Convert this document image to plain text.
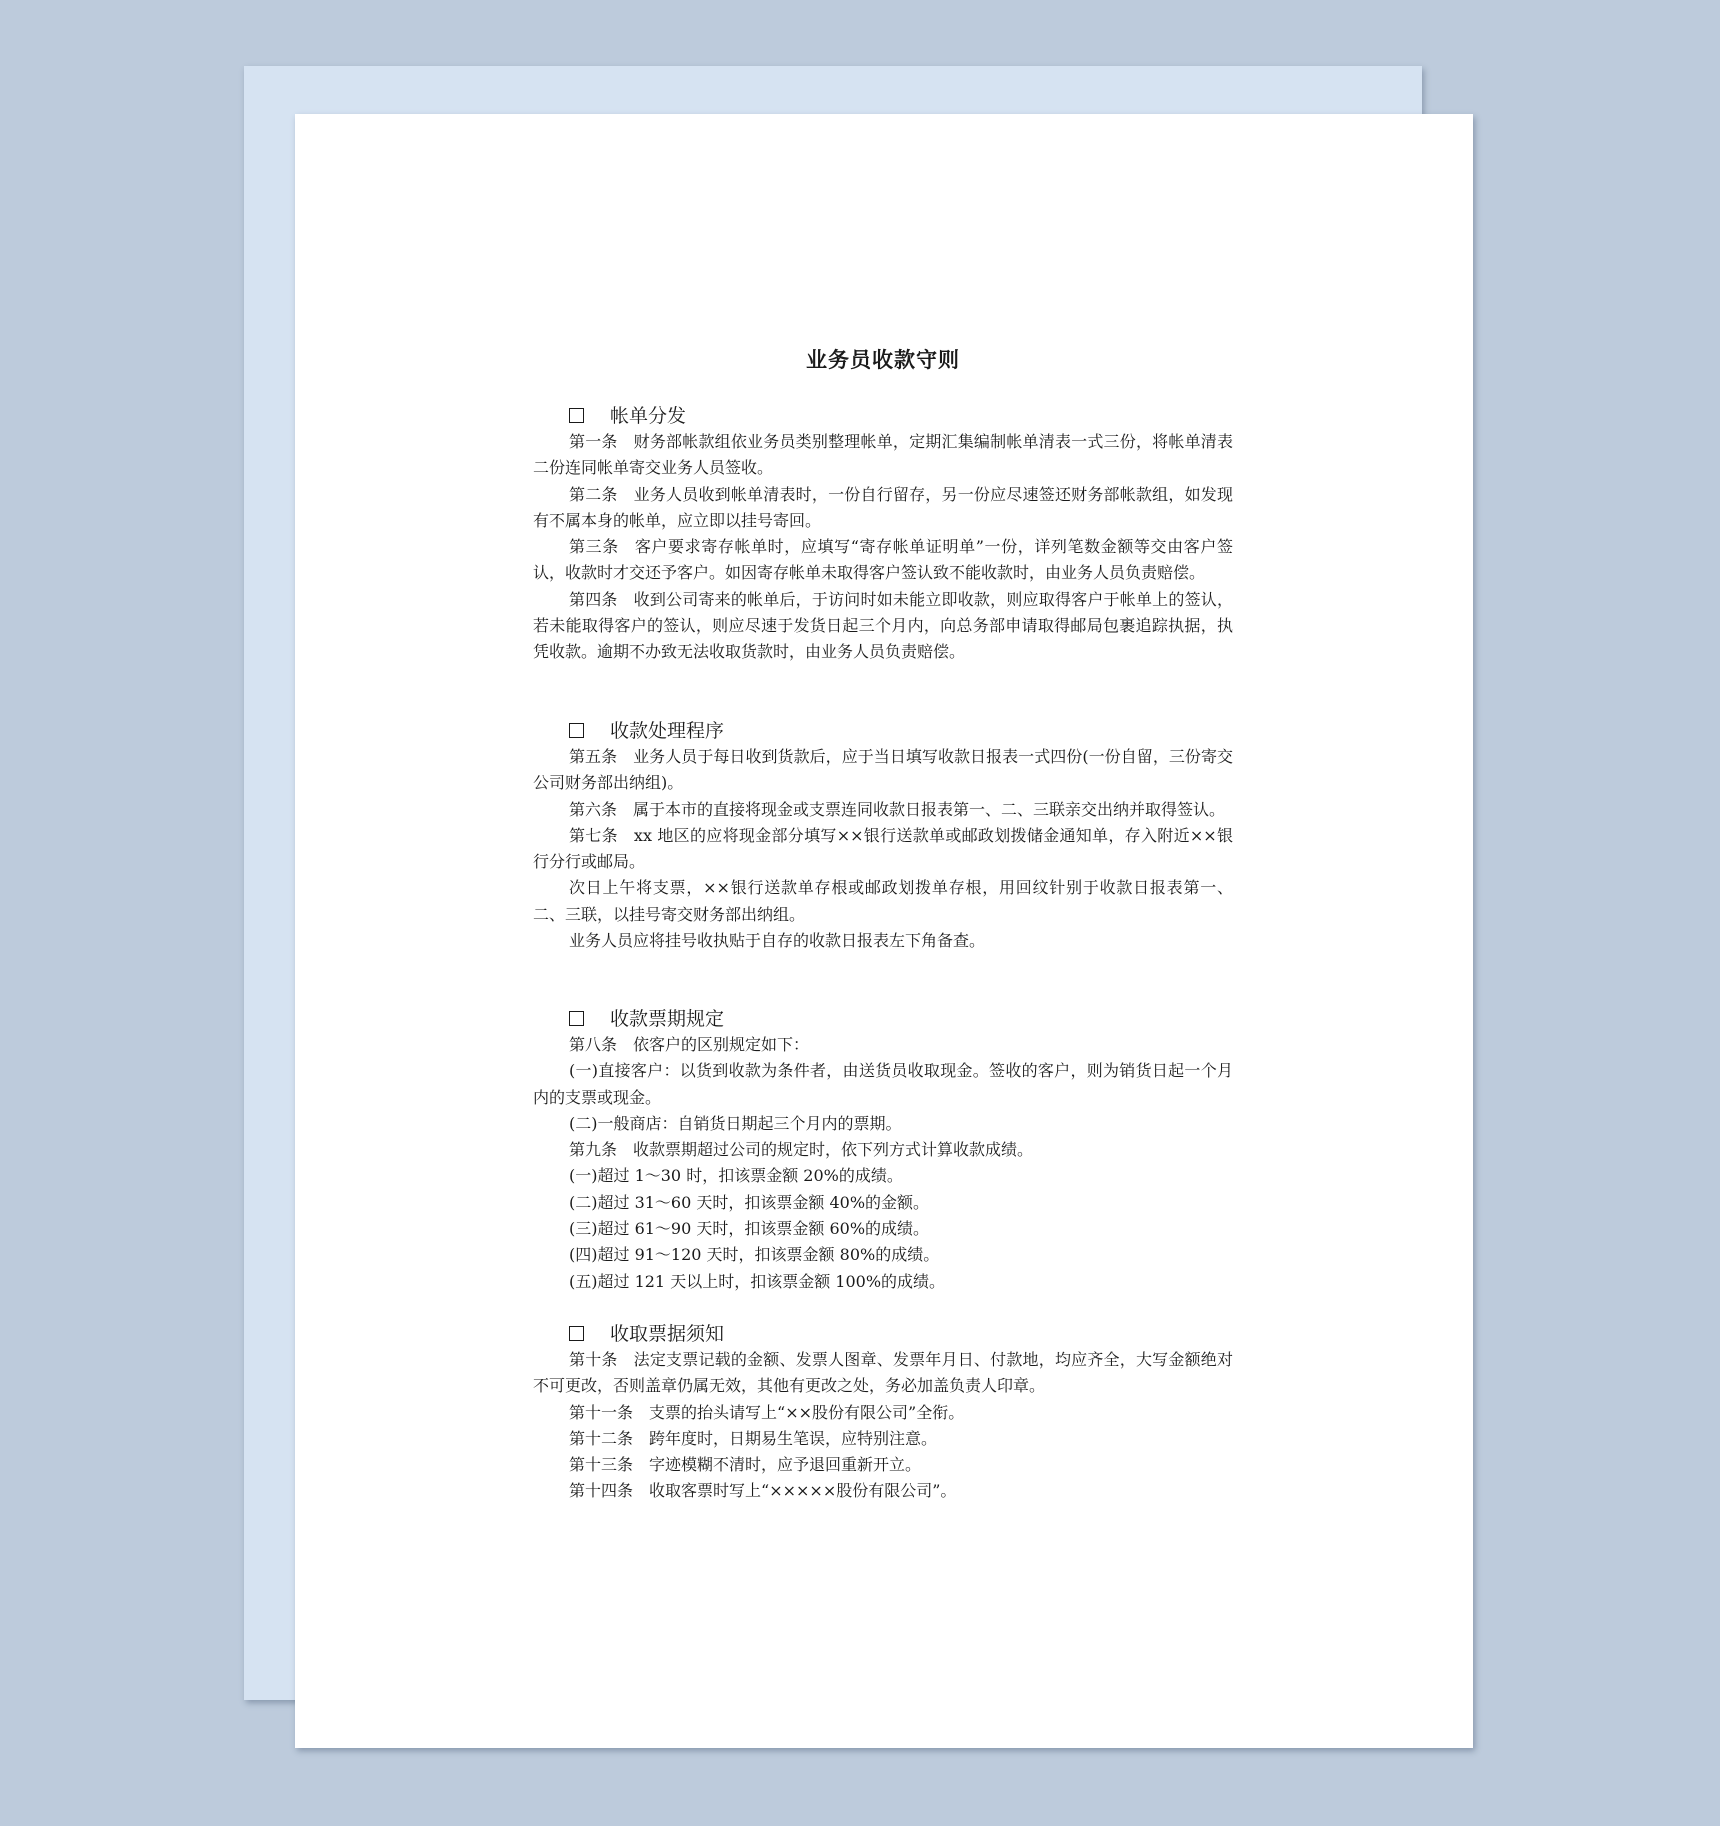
业务员收款守则
帐单分发

第一条 财务部帐款组依业务员类别整理帐单，定期汇集编制帐单清表一式三份，将帐单清表二份连同帐单寄交业务人员签收。

第二条 业务人员收到帐单清表时，一份自行留存，另一份应尽速签还财务部帐款组，如发现有不属本身的帐单，应立即以挂号寄回。

第三条 客户要求寄存帐单时，应填写“寄存帐单证明单”一份，详列笔数金额等交由客户签认，收款时才交还予客户。如因寄存帐单未取得客户签认致不能收款时，由业务人员负责赔偿。

第四条 收到公司寄来的帐单后，于访问时如未能立即收款，则应取得客户于帐单上的签认，若未能取得客户的签认，则应尽速于发货日起三个月内，向总务部申请取得邮局包裹追踪执据，执凭收款。逾期不办致无法收取货款时，由业务人员负责赔偿。

收款处理程序

第五条 业务人员于每日收到货款后，应于当日填写收款日报表一式四份(一份自留，三份寄交公司财务部出纳组)。

第六条 属于本市的直接将现金或支票连同收款日报表第一、二、三联亲交出纳并取得签认。

第七条 xx 地区的应将现金部分填写××银行送款单或邮政划拨储金通知单，存入附近××银行分行或邮局。

次日上午将支票，××银行送款单存根或邮政划拨单存根，用回纹针别于收款日报表第一、二、三联，以挂号寄交财务部出纳组。

业务人员应将挂号收执贴于自存的收款日报表左下角备查。

收款票期规定

第八条 依客户的区别规定如下：

(一)直接客户：以货到收款为条件者，由送货员收取现金。签收的客户，则为销货日起一个月内的支票或现金。

(二)一般商店：自销货日期起三个月内的票期。

第九条 收款票期超过公司的规定时，依下列方式计算收款成绩。

(一)超过 1～30 时，扣该票金额 20%的成绩。

(二)超过 31～60 天时，扣该票金额 40%的金额。

(三)超过 61～90 天时，扣该票金额 60%的成绩。

(四)超过 91～120 天时，扣该票金额 80%的成绩。

(五)超过 121 天以上时，扣该票金额 100%的成绩。

收取票据须知

第十条 法定支票记载的金额、发票人图章、发票年月日、付款地，均应齐全，大写金额绝对不可更改，否则盖章仍属无效，其他有更改之处，务必加盖负责人印章。

第十一条 支票的抬头请写上“××股份有限公司”全衔。

第十二条 跨年度时，日期易生笔误，应特别注意。

第十三条 字迹模糊不清时，应予退回重新开立。

第十四条 收取客票时写上“×××××股份有限公司”。
